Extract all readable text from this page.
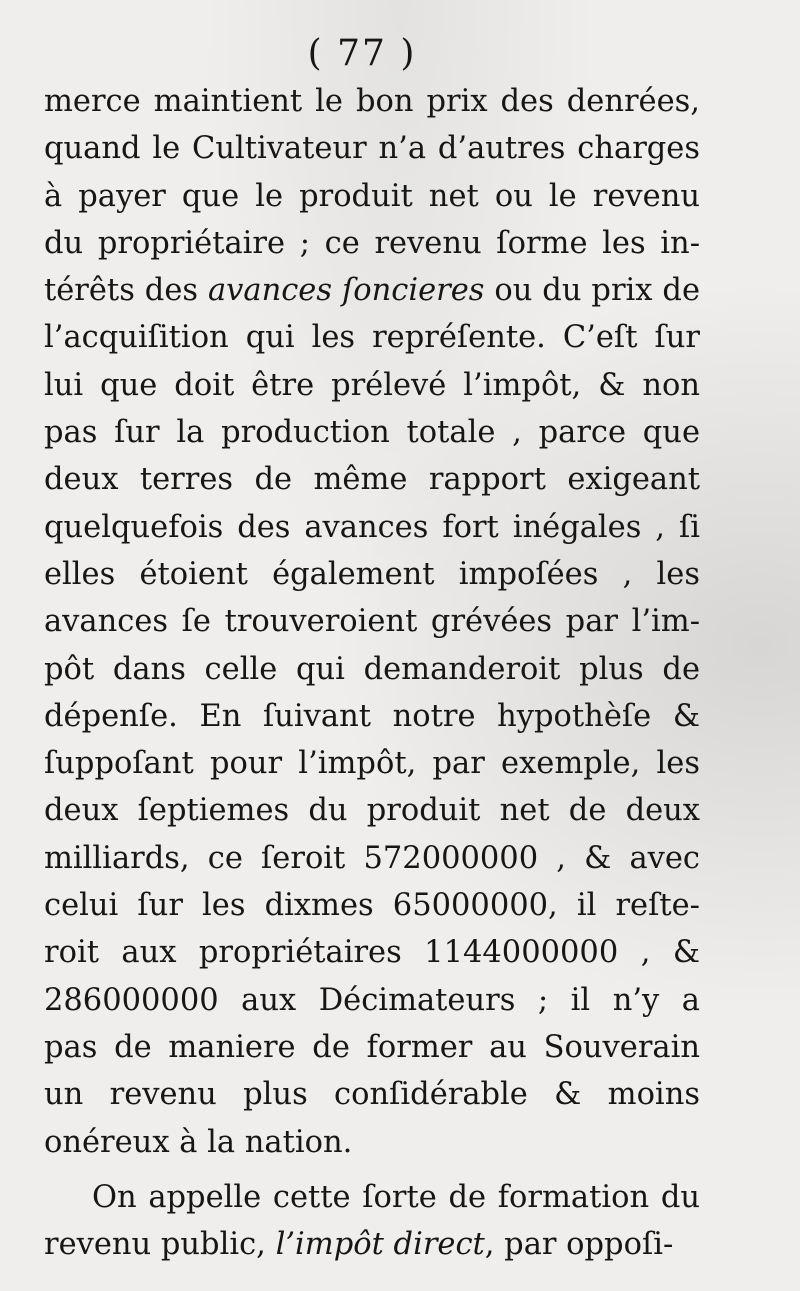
( 77 )
merce maintient le bon prix des denrées,
quand le Cultivateur n’a d’autres charges
à payer que le produit net ou le revenu
du propriétaire ; ce revenu ſorme les in-
térêts des avances ſoncieres ou du prix de
l’acquiſition qui les repréſente. C’eſt ſur
lui que doit être prélevé l’impôt, & non
pas ſur la production totale , parce que
deux terres de même rapport exigeant
quelquefois des avances fort inégales , ſi
elles étoient également impoſées , les
avances ſe trouveroient grévées par l’im-
pôt dans celle qui demanderoit plus de
dépenſe. En ſuivant notre hypothèſe &
ſuppoſant pour l’impôt, par exemple, les
deux ſeptiemes du produit net de deux
milliards, ce ſeroit 572000000 , & avec
celui ſur les dixmes 65000000, il reſte-
roit aux propriétaires 1144000000 , &
286000000 aux Décimateurs ; il n’y a
pas de maniere de former au Souverain
un revenu plus conſidérable & moins
onéreux à la nation.
On appelle cette ſorte de formation du
revenu public, l’impôt direct, par oppoſi-
